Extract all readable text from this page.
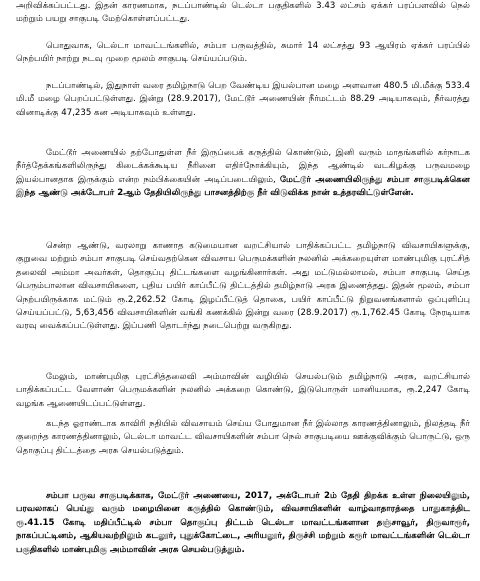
அறிவிக்கப்பட்டது. இதன் காரணமாக, நடப்பாண்டில் டெல்டா பகுதிகளில் 3.43 லட்சம் ஏக்கர் பரப்பளவில் நெல் மற்றும் பயறு சாகுபடி மேற்கொள்ளப்பட்டது.

பொதுவாக, டெல்டா மாவட்டங்களில், சம்பா பருவத்தில், சுமார் 14 லட்சத்து 93 ஆயிரம் ஏக்கர் பரப்பில் நெற்பயிர் நாற்று நடவு முறை மூலம் சாகுபடி செய்யப்படும்.

நடப்பாண்டில், இதுநாள் வரை தமிழ்நாடு பெற வேண்டிய இயல்பான மழை அளவான 480.5 மி.மீக்கு 533.4 மி.மீ மழை பெறப்பட்டுள்ளது. இன்று (28.9.2017), மேட்டூர் அணையின் நீர்மட்டம் 88.29 அடியாகவும், நீர்வரத்து வினாடிக்கு 47,235 கன அடியாகவும் உள்ளது.

மேட்டூர் அணையில் தற்போதுள்ள நீர் இருப்பைக் கருத்தில் கொண்டும், இனி வரும் மாதங்களில் கர்நாடக நீர்த்தேக்கங்களிலிருந்து கிடைக்கக்கூடிய நீரினை எதிர்நோக்கியும், இந்த ஆண்டில் வடகிழக்கு பருவமழை இயல்பானதாக இருக்கும் என்ற நம்பிக்கையின் அடிப்படையிலும், மேட்டூர் அணையிலிருந்து சம்பா சாகுபடிக்கென இந்த ஆண்டு அக்டோபர் 2ஆம் தேதியிலிருந்து பாசனத்திற்கு நீர் விடுவிக்க நான் உத்தரவிட்டுள்ளேன்.

சென்ற ஆண்டு, வரலாறு காணாத கடுமையான வறட்சியால் பாதிக்கப்பட்ட தமிழ்நாடு விவசாயிகளுக்கு, குறுவை மற்றும் சம்பா சாகுபடி செய்வதற்கென விவசாய பெருமக்களின் நலனில் அக்கறையுள்ள மாண்புமிகு புரட்சித் தலைவி அம்மா அவர்கள், தொகுப்பு திட்டங்களை வழங்கினார்கள். அது மட்டுமல்லாமல், சம்பா சாகுபடி செய்த பெரும்பாலான விவசாயிகளை, புதிய பயிர் காப்பீட்டு திட்டத்தில் தமிழ்நாடு அரசு இணைத்தது. இதன் மூலம், சம்பா நெற்பயிருக்காக மட்டும் ரூ.2,262.52 கோடி இழப்பீட்டுத் தொகை, பயிர் காப்பீட்டு நிறுவனங்களால் ஒப்புளிப்பு செய்யப்பட்டு, 5,63,456 விவசாயிகளின் வங்கி கணக்கில் இன்று வரை (28.9.2017) ரூ.1,762.45 கோடி நேரடியாக வரவு வைக்கப்பட்டுள்ளது. இப்பணி தொடர்ந்து நடைபெற்று வருகிறது.

மேலும், மாண்புமிகு புரட்சித்தலைவி அம்மாவின் வழியில் செயல்படும் தமிழ்நாடு அரசு, வறட்சியால் பாதிக்கப்பட்ட வேளாண் பெருமக்களின் நலனில் அக்கறை கொண்டு, இடுபொருள் மானியமாக, ரூ.2,247 கோடி வழங்க ஆணையிடப்பட்டுள்ளது.

கடந்த ஓராண்டாக காவிரி நதியில் விவசாயம் செய்ய போதுமான நீர் இல்லாத காரணத்தினாலும், நிலத்தடி நீர் குறைந்த காரணத்தினாலும், டெல்டா மாவட்ட விவசாயிகளின் சம்பா நெல் சாகுபடியை ஊக்குவிக்கும் பொருட்டு, ஒரு தொகுப்பு திட்டத்தை அரசு செயல்படுத்தும்.

சம்பா பருவ சாகுபடிக்காக, மேட்டூர் அணையை, 2017, அக்டோபர் 2ம் தேதி திறக்க உள்ள நிலையிலும், பரவலாகப் பெய்து வரும் மழையினை கருத்தில் கொண்டும், விவசாயிகளின் வாழ்வாதாரத்தை பாதுகாத்திட ரூ.41.15 கோடி மதிப்பீட்டில் சம்பா தொகுப்பு திட்டம் டெல்டா மாவட்டங்களான தஞ்சாவூர், திருவாரூர், நாகப்பட்டினம், ஆகியவற்றிலும் கடலூர், புதுக்கோட்டை, அரியலூர், திருச்சி மற்றும் கரூர் மாவட்டங்களின் டெல்டா பகுதிகளில் மாண்புமிகு அம்மாவின் அரசு செயல்படுத்தும்.
